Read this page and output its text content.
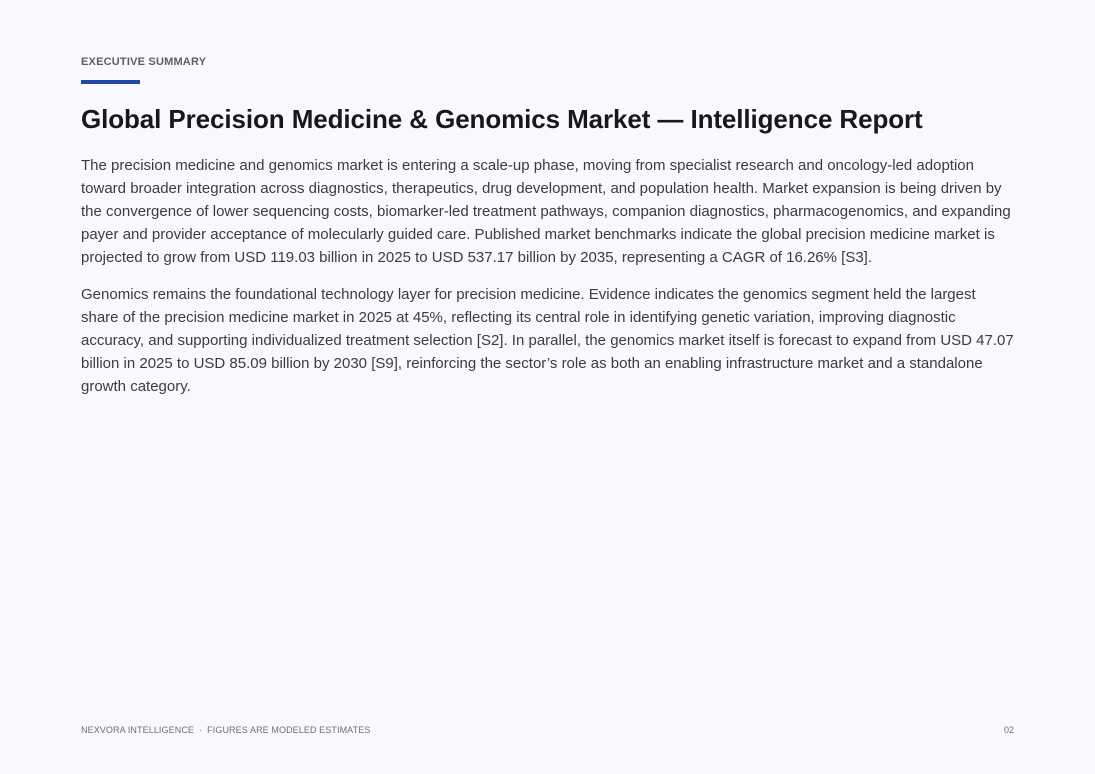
EXECUTIVE SUMMARY
Global Precision Medicine & Genomics Market — Intelligence Report

The precision medicine and genomics market is entering a scale-up phase, moving from specialist research and oncology-led adoption toward broader integration across diagnostics, therapeutics, drug development, and population health. Market expansion is being driven by the convergence of lower sequencing costs, biomarker-led treatment pathways, companion diagnostics, pharmacogenomics, and expanding payer and provider acceptance of molecularly guided care. Published market benchmarks indicate the global precision medicine market is projected to grow from USD 119.03 billion in 2025 to USD 537.17 billion by 2035, representing a CAGR of 16.26% [S3].

Genomics remains the foundational technology layer for precision medicine. Evidence indicates the genomics segment held the largest share of the precision medicine market in 2025 at 45%, reflecting its central role in identifying genetic variation, improving diagnostic accuracy, and supporting individualized treatment selection [S2]. In parallel, the genomics market itself is forecast to expand from USD 47.07 billion in 2025 to USD 85.09 billion by 2030 [S9], reinforcing the sector’s role as both an enabling infrastructure market and a standalone growth category.

NEXVORA INTELLIGENCE · FIGURES ARE MODELED ESTIMATES	02
